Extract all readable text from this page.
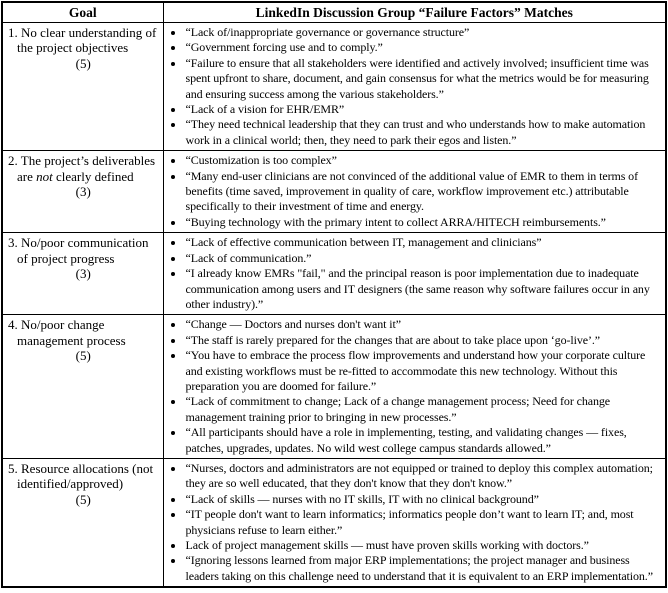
Goal	LinkedIn Discussion Group “Failure Factors” Matches

1. No clear understanding of the project objectives
(5)

• “Lack of/inappropriate governance or governance structure”
• “Government forcing use and to comply.”
• “Failure to ensure that all stakeholders were identified and actively involved; insufficient time was spent upfront to share, document, and gain consensus for what the metrics would be for measuring and ensuring success among the various stakeholders.”
• “Lack of a vision for EHR/EMR”
• “They need technical leadership that they can trust and who understands how to make automation work in a clinical world; then, they need to park their egos and listen.”

2. The project’s deliverables are not clearly defined
(3)

• “Customization is too complex”
• “Many end-user clinicians are not convinced of the additional value of EMR to them in terms of benefits (time saved, improvement in quality of care, workflow improvement etc.) attributable specifically to their investment of time and energy.
• “Buying technology with the primary intent to collect ARRA/HITECH reimbursements.”

3. No/poor communication of project progress
(3)

• “Lack of effective communication between IT, management and clinicians”
• “Lack of communication.”
• “I already know EMRs "fail," and the principal reason is poor implementation due to inadequate communication among users and IT designers (the same reason why software failures occur in any other industry).”

4. No/poor change management process
(5)

• “Change — Doctors and nurses don't want it”
• “The staff is rarely prepared for the changes that are about to take place upon ‘go-live’.”
• “You have to embrace the process flow improvements and understand how your corporate culture and existing workflows must be re-fitted to accommodate this new technology. Without this preparation you are doomed for failure.”
• “Lack of commitment to change; Lack of a change management process; Need for change management training prior to bringing in new processes.”
• “All participants should have a role in implementing, testing, and validating changes — fixes, patches, upgrades, updates. No wild west college campus standards allowed.”

5. Resource allocations (not identified/approved)
(5)

• “Nurses, doctors and administrators are not equipped or trained to deploy this complex automation; they are so well educated, that they don't know that they don't know.”
• “Lack of skills — nurses with no IT skills, IT with no clinical background”
• “IT people don't want to learn informatics; informatics people don’t want to learn IT; and, most physicians refuse to learn either.”
• Lack of project management skills — must have proven skills working with doctors.”
• “Ignoring lessons learned from major ERP implementations; the project manager and business leaders taking on this challenge need to understand that it is equivalent to an ERP implementation.”
